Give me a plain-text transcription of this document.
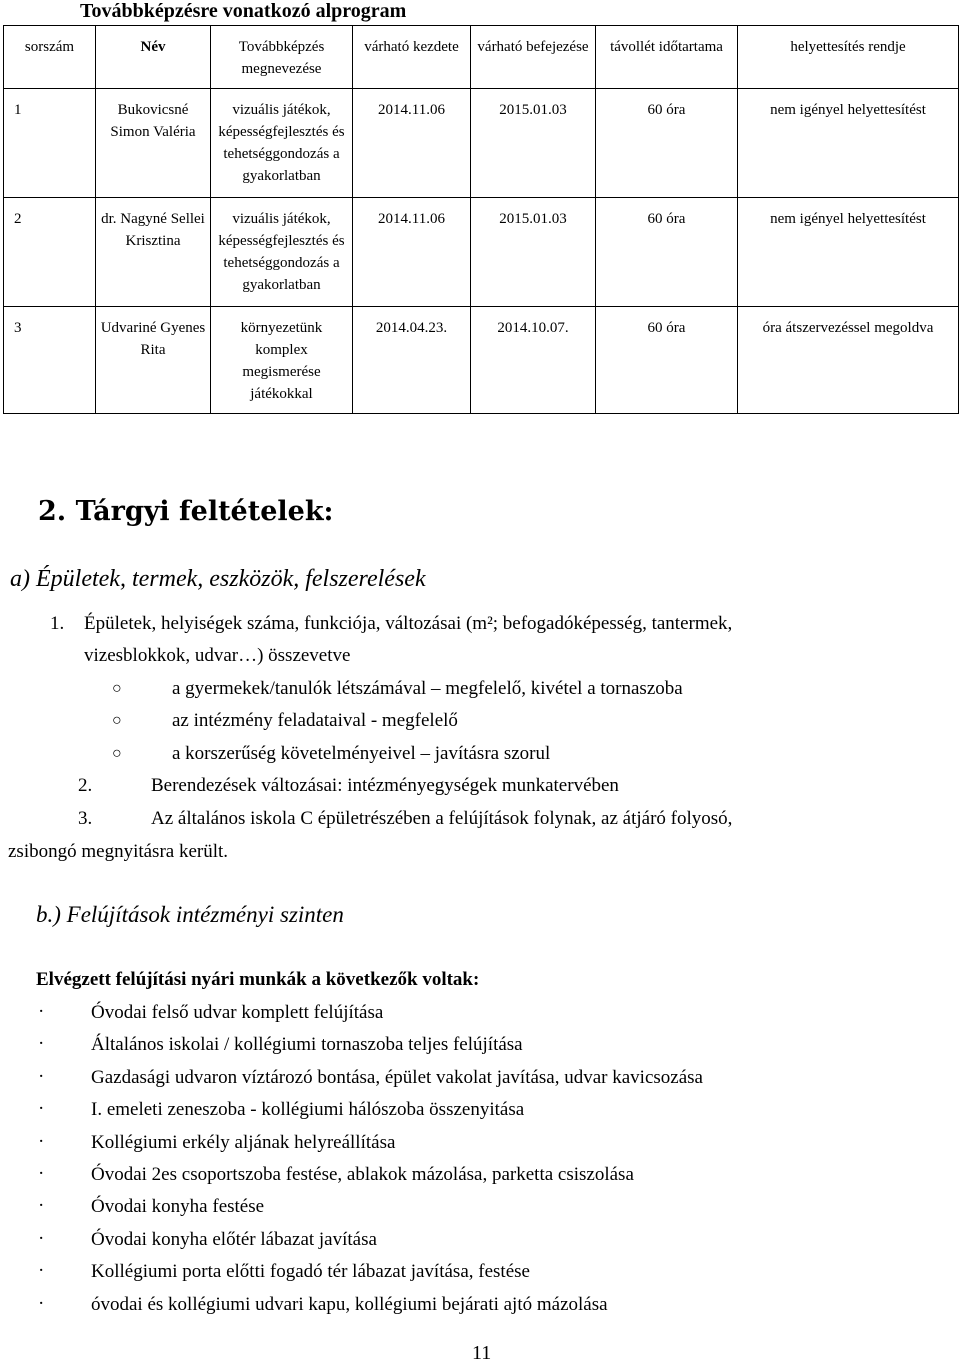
Továbbképzésre vonatkozó alprogram
sorszám	Név	Továbbképzés megnevezése	várható kezdete	várható befejezése	távollét időtartama	helyettesítés rendje
1	Bukovicsné Simon Valéria	vizuális játékok, képességfejlesztés és tehetséggondozás a gyakorlatban	2014.11.06	2015.01.03	60 óra	nem igényel helyettesítést
2	dr. Nagyné Sellei Krisztina	vizuális játékok, képességfejlesztés és tehetséggondozás a gyakorlatban	2014.11.06	2015.01.03	60 óra	nem igényel helyettesítést
3	Udvariné Gyenes Rita	környezetünk komplex megismerése játékokkal	2014.04.23.	2014.10.07.	60 óra	óra átszervezéssel megoldva
2. Tárgyi feltételek:
a) Épületek, termek, eszközök, felszerelések
1. Épületek, helyiségek száma, funkciója, változásai (m²; befogadóképesség, tantermek,
vizesblokkok, udvar…) összevetve
○	a gyermekek/tanulók létszámával – megfelelő, kivétel a tornaszoba
○	az intézmény feladataival - megfelelő
○	a korszerűség követelményeivel – javításra szorul
2.	Berendezések változásai: intézményegységek munkatervében
3.	Az általános iskola C épületrészében a felújítások folynak, az átjáró folyosó,
zsibongó megnyitásra került.
b.) Felújítások intézményi szinten
Elvégzett felújítási nyári munkák a következők voltak:
· Óvodai felső udvar komplett felújítása
· Általános iskolai / kollégiumi tornaszoba teljes felújítása
· Gazdasági udvaron víztározó bontása, épület vakolat javítása, udvar kavicsozása
· I. emeleti zeneszoba - kollégiumi hálószoba összenyitása
· Kollégiumi erkély aljának helyreállítása
· Óvodai 2es csoportszoba festése, ablakok mázolása, parketta csiszolása
· Óvodai konyha festése
· Óvodai konyha előtér lábazat javítása
· Kollégiumi porta előtti fogadó tér lábazat javítása, festése
· óvodai és kollégiumi udvari kapu, kollégiumi bejárati ajtó mázolása
11
